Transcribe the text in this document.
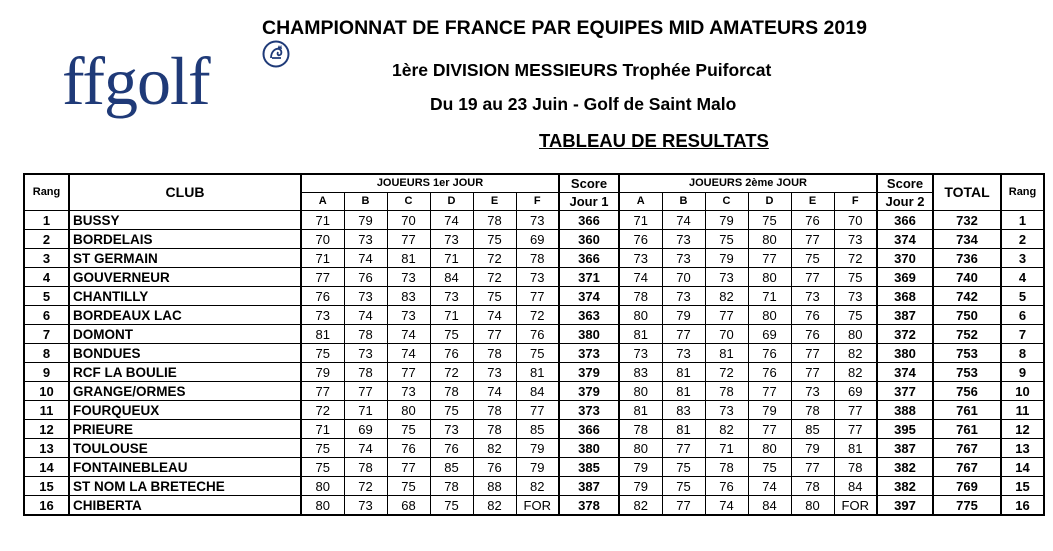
ffgolf
CHAMPIONNAT DE FRANCE PAR EQUIPES MID AMATEURS 2019
1ère DIVISION MESSIEURS Trophée Puiforcat
Du 19 au 23 Juin - Golf de Saint Malo
TABLEAU DE RESULTATS
Rang	CLUB	JOUEURS 1er JOUR						Score	JOUEURS 2ème JOUR						Score	TOTAL	Rang
		A	B	C	D	E	F	Jour 1	A	B	C	D	E	F	Jour 2		
1	BUSSY	71	79	70	74	78	73	366	71	74	79	75	76	70	366	732	1
2	BORDELAIS	70	73	77	73	75	69	360	76	73	75	80	77	73	374	734	2
3	ST GERMAIN	71	74	81	71	72	78	366	73	73	79	77	75	72	370	736	3
4	GOUVERNEUR	77	76	73	84	72	73	371	74	70	73	80	77	75	369	740	4
5	CHANTILLY	76	73	83	73	75	77	374	78	73	82	71	73	73	368	742	5
6	BORDEAUX LAC	73	74	73	71	74	72	363	80	79	77	80	76	75	387	750	6
7	DOMONT	81	78	74	75	77	76	380	81	77	70	69	76	80	372	752	7
8	BONDUES	75	73	74	76	78	75	373	73	73	81	76	77	82	380	753	8
9	RCF LA BOULIE	79	78	77	72	73	81	379	83	81	72	76	77	82	374	753	9
10	GRANGE/ORMES	77	77	73	78	74	84	379	80	81	78	77	73	69	377	756	10
11	FOURQUEUX	72	71	80	75	78	77	373	81	83	73	79	78	77	388	761	11
12	PRIEURE	71	69	75	73	78	85	366	78	81	82	77	85	77	395	761	12
13	TOULOUSE	75	74	76	76	82	79	380	80	77	71	80	79	81	387	767	13
14	FONTAINEBLEAU	75	78	77	85	76	79	385	79	75	78	75	77	78	382	767	14
15	ST NOM LA BRETECHE	80	72	75	78	88	82	387	79	75	76	74	78	84	382	769	15
16	CHIBERTA	80	73	68	75	82	FOR	378	82	77	74	84	80	FOR	397	775	16
